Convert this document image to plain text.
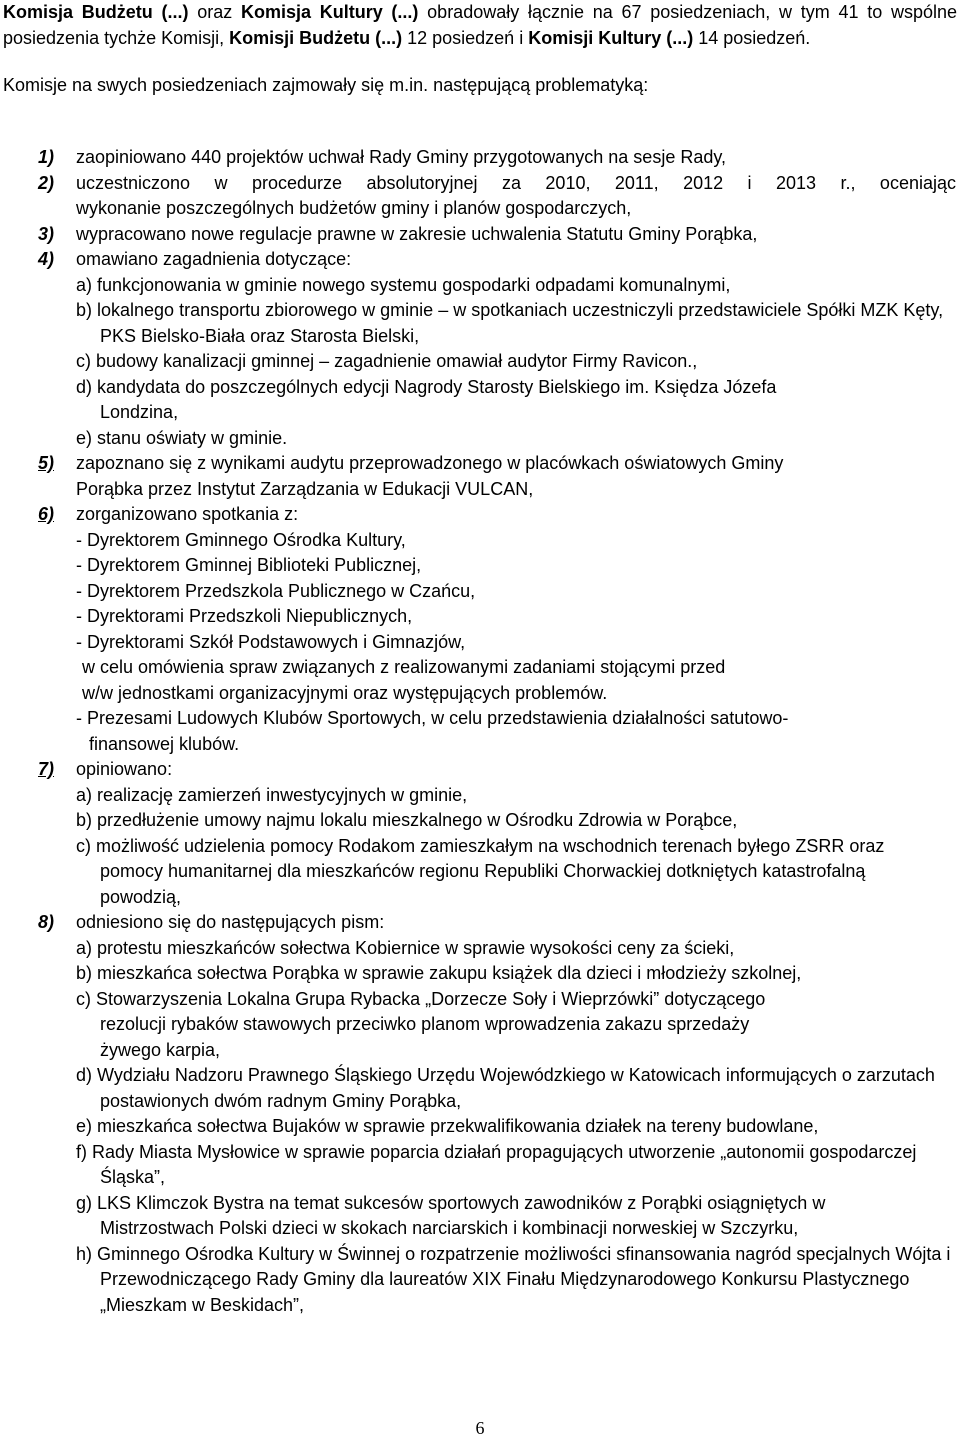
Komisja Budżetu (...) oraz Komisja Kultury (...) obradowały łącznie na 67 posiedzeniach, w tym 41 to wspólne posiedzenia tychże Komisji, Komisji Budżetu (...) 12 posiedzeń i Komisji Kultury (...) 14 posiedzeń.

Komisje na swych posiedzeniach zajmowały się m.in. następującą problematyką:

1) zaopiniowano 440 projektów uchwał Rady Gminy przygotowanych na sesje Rady,
2) uczestniczono w procedurze absolutoryjnej za 2010, 2011, 2012 i 2013 r., oceniając
wykonanie poszczególnych budżetów gminy i planów gospodarczych,
3) wypracowano nowe regulacje prawne w zakresie uchwalenia Statutu Gminy Porąbka,
4) omawiano zagadnienia dotyczące:
a) funkcjonowania w gminie nowego systemu gospodarki odpadami komunalnymi,
b) lokalnego transportu zbiorowego w gminie – w spotkaniach uczestniczyli przedstawiciele Spółki MZK Kęty, PKS Bielsko-Biała oraz Starosta Bielski,
c) budowy kanalizacji gminnej – zagadnienie omawiał audytor Firmy Ravicon.,
d) kandydata do poszczególnych edycji Nagrody Starosty Bielskiego im. Księdza Józefa Londzina,
e) stanu oświaty w gminie.
5) zapoznano się z wynikami audytu przeprowadzonego w placówkach oświatowych Gminy
Porąbka przez Instytut Zarządzania w Edukacji VULCAN,
6) zorganizowano spotkania z:
- Dyrektorem Gminnego Ośrodka Kultury,
- Dyrektorem Gminnej Biblioteki Publicznej,
- Dyrektorem Przedszkola Publicznego w Czańcu,
- Dyrektorami Przedszkoli Niepublicznych,
- Dyrektorami Szkół Podstawowych i Gimnazjów,
w celu omówienia spraw związanych z realizowanymi zadaniami stojącymi przed
w/w jednostkami organizacyjnymi oraz występujących problemów.
- Prezesami Ludowych Klubów Sportowych, w celu przedstawienia działalności satutowo-finansowej klubów.
7) opiniowano:
a) realizację zamierzeń inwestycyjnych w gminie,
b) przedłużenie umowy najmu lokalu mieszkalnego w Ośrodku Zdrowia w Porąbce,
c) możliwość udzielenia pomocy Rodakom zamieszkałym na wschodnich terenach byłego ZSRR oraz pomocy humanitarnej dla mieszkańców regionu Republiki Chorwackiej dotkniętych katastrofalną powodzią,
8) odniesiono się do następujących pism:
a) protestu mieszkańców sołectwa Kobiernice w sprawie wysokości ceny za ścieki,
b) mieszkańca sołectwa Porąbka w sprawie zakupu książek dla dzieci i młodzieży szkolnej,
c) Stowarzyszenia Lokalna Grupa Rybacka „Dorzecze Soły i Wieprzówki” dotyczącego rezolucji rybaków stawowych przeciwko planom wprowadzenia zakazu sprzedaży żywego karpia,
d) Wydziału Nadzoru Prawnego Śląskiego Urzędu Wojewódzkiego w Katowicach informujących o zarzutach postawionych dwóm radnym Gminy Porąbka,
e) mieszkańca sołectwa Bujaków w sprawie przekwalifikowania działek na tereny budowlane,
f) Rady Miasta Mysłowice w sprawie poparcia działań propagujących utworzenie „autonomii gospodarczej Śląska”,
g) LKS Klimczok Bystra na temat sukcesów sportowych zawodników z Porąbki osiągniętych w Mistrzostwach Polski dzieci w skokach narciarskich i kombinacji norweskiej w Szczyrku,
h) Gminnego Ośrodka Kultury w Świnnej o rozpatrzenie możliwości sfinansowania nagród specjalnych Wójta i Przewodniczącego Rady Gminy dla laureatów XIX Finału Międzynarodowego Konkursu Plastycznego „Mieszkam w Beskidach”,
6
